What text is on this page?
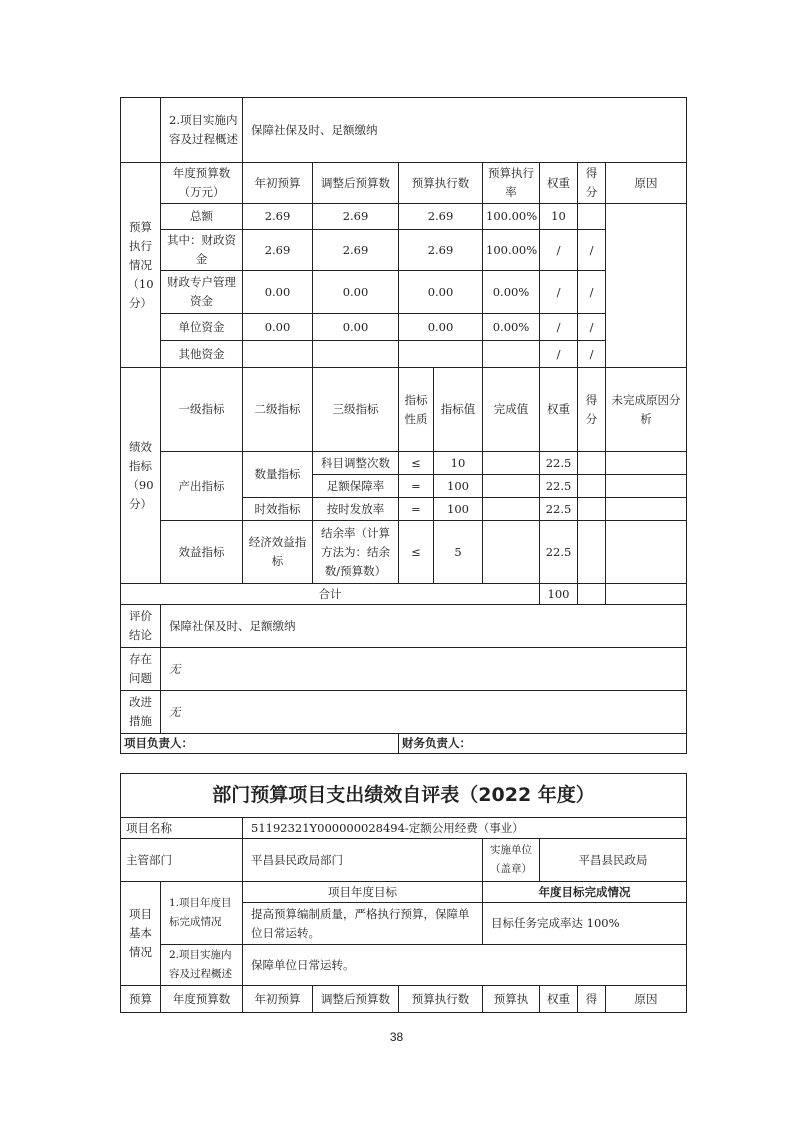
	2.项目实施内容及过程概述	保障社保及时、足额缴纳							
预算执行情况（10分）	年度预算数（万元）	年初预算	调整后预算数	预算执行数		预算执行率	权重	得分	原因
	总额	2.69	2.69	2.69		100.00%	10		
	其中：财政资金	2.69	2.69	2.69		100.00%	/	/	
	财政专户管理资金	0.00	0.00	0.00		0.00%	/	/	
	单位资金	0.00	0.00	0.00		0.00%	/	/	
	其他资金						/	/	
绩效指标（90分）	一级指标	二级指标	三级指标	指标性质	指标值	完成值	权重	得分	未完成原因分析
	产出指标	数量指标	科目调整次数	≤	10		22.5		
			足额保障率	=	100		22.5		
		时效指标	按时发放率	=	100		22.5		
	效益指标	经济效益指标	结余率（计算方法为：结余数/预算数）	≤	5		22.5		
合计							100		
评价结论	保障社保及时、足额缴纳								
存在问题	无								
改进措施	无								
项目负责人：				财务负责人：					
部门预算项目支出绩效自评表（2022 年度）								
项目名称		51192321Y000000028494-定额公用经费（事业）						
主管部门		平昌县民政局部门			实施单位（盖章）	平昌县民政局		
项目基本情况	1.项目年度目标完成情况	项目年度目标			年度目标完成情况			
		提高预算编制质量，严格执行预算，保障单位日常运转。			目标任务完成率达 100%			
	2.项目实施内容及过程概述	保障单位日常运转。						
预算	年度预算数	年初预算	调整后预算数	预算执行数	预算执	权重	得	原因
38
